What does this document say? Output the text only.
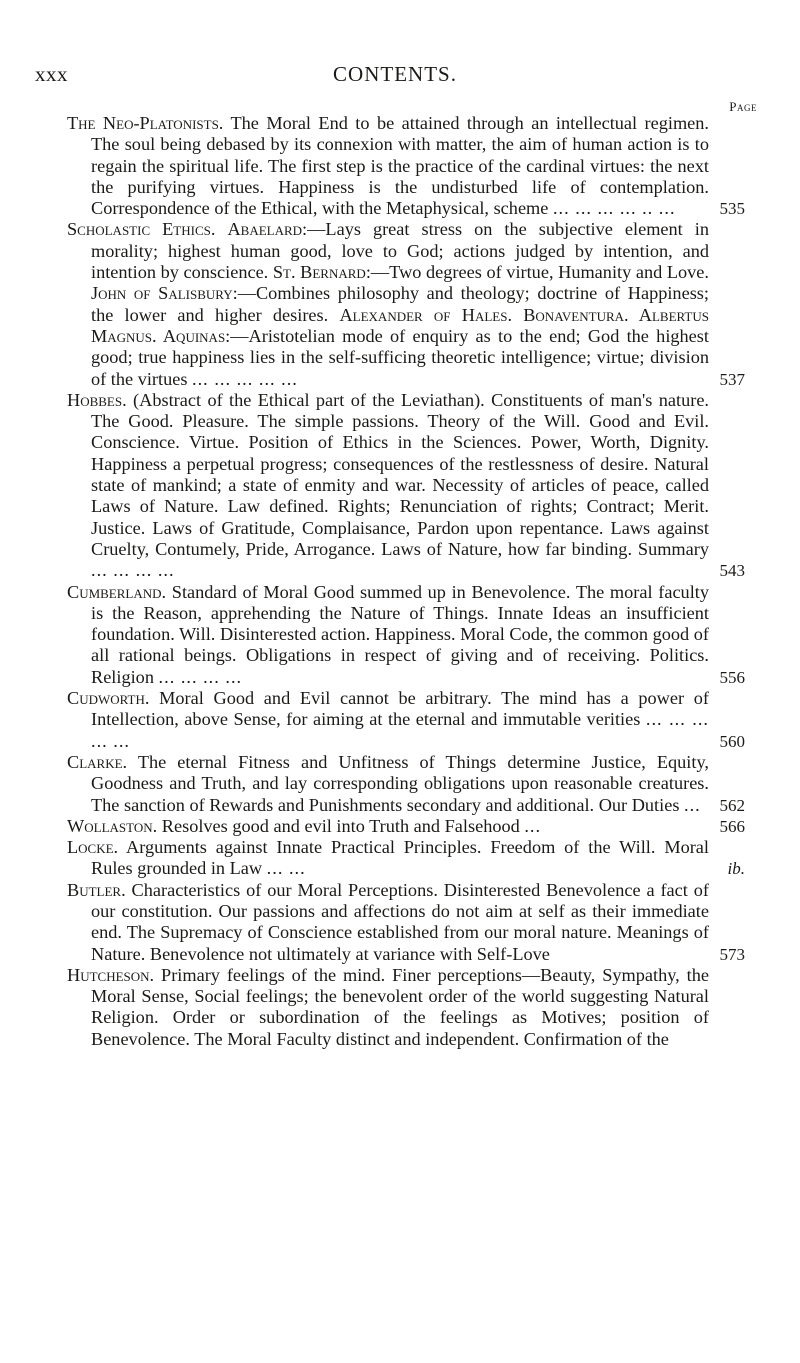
xxx	CONTENTS.
Page
The Neo-Platonists. The Moral End to be attained through an intellectual regimen. The soul being debased by its connexion with matter, the aim of human action is to regain the spiritual life. The first step is the practice of the cardinal virtues: the next the purifying virtues. Happiness is the undisturbed life of contemplation. Correspondence of the Ethical, with the Metaphysical, scheme ... ... ... ... .. ...	535
Scholastic Ethics. Abaelard:—Lays great stress on the subjective element in morality; highest human good, love to God; actions judged by intention, and intention by conscience. St. Bernard:—Two degrees of virtue, Humanity and Love. John of Salisbury:—Combines philosophy and theology; doctrine of Happiness; the lower and higher desires. Alexander of Hales. Bonaventura. Albertus Magnus. Aquinas:—Aristotelian mode of enquiry as to the end; God the highest good; true happiness lies in the self-sufficing theoretic intelligence; virtue; division of the virtues ... ... ... ... ...	537
Hobbes. (Abstract of the Ethical part of the Leviathan). Constituents of man's nature. The Good. Pleasure. The simple passions. Theory of the Will. Good and Evil. Conscience. Virtue. Position of Ethics in the Sciences. Power, Worth, Dignity. Happiness a perpetual progress; consequences of the restlessness of desire. Natural state of mankind; a state of enmity and war. Necessity of articles of peace, called Laws of Nature. Law defined. Rights; Renunciation of rights; Contract; Merit. Justice. Laws of Gratitude, Complaisance, Pardon upon repentance. Laws against Cruelty, Contumely, Pride, Arrogance. Laws of Nature, how far binding. Summary ... ... ... ...	543
Cumberland. Standard of Moral Good summed up in Benevolence. The moral faculty is the Reason, apprehending the Nature of Things. Innate Ideas an insufficient foundation. Will. Disinterested action. Happiness. Moral Code, the common good of all rational beings. Obligations in respect of giving and of receiving. Politics. Religion ... ... ... ...	556
Cudworth. Moral Good and Evil cannot be arbitrary. The mind has a power of Intellection, above Sense, for aiming at the eternal and immutable verities ... ... ... ... ...	560
Clarke. The eternal Fitness and Unfitness of Things determine Justice, Equity, Goodness and Truth, and lay corresponding obligations upon reasonable creatures. The sanction of Rewards and Punishments secondary and additional. Our Duties ... 562
Wollaston. Resolves good and evil into Truth and Falsehood ...	566
Locke. Arguments against Innate Practical Principles. Freedom of the Will. Moral Rules grounded in Law ... ...	ib.
Butler. Characteristics of our Moral Perceptions. Disinterested Benevolence a fact of our constitution. Our passions and affections do not aim at self as their immediate end. The Supremacy of Conscience established from our moral nature. Meanings of Nature. Benevolence not ultimately at variance with Self-Love	573
Hutcheson. Primary feelings of the mind. Finer perceptions—Beauty, Sympathy, the Moral Sense, Social feelings; the benevolent order of the world suggesting Natural Religion. Order or subordination of the feelings as Motives; position of Benevolence. The Moral Faculty distinct and independent. Confirmation of the
